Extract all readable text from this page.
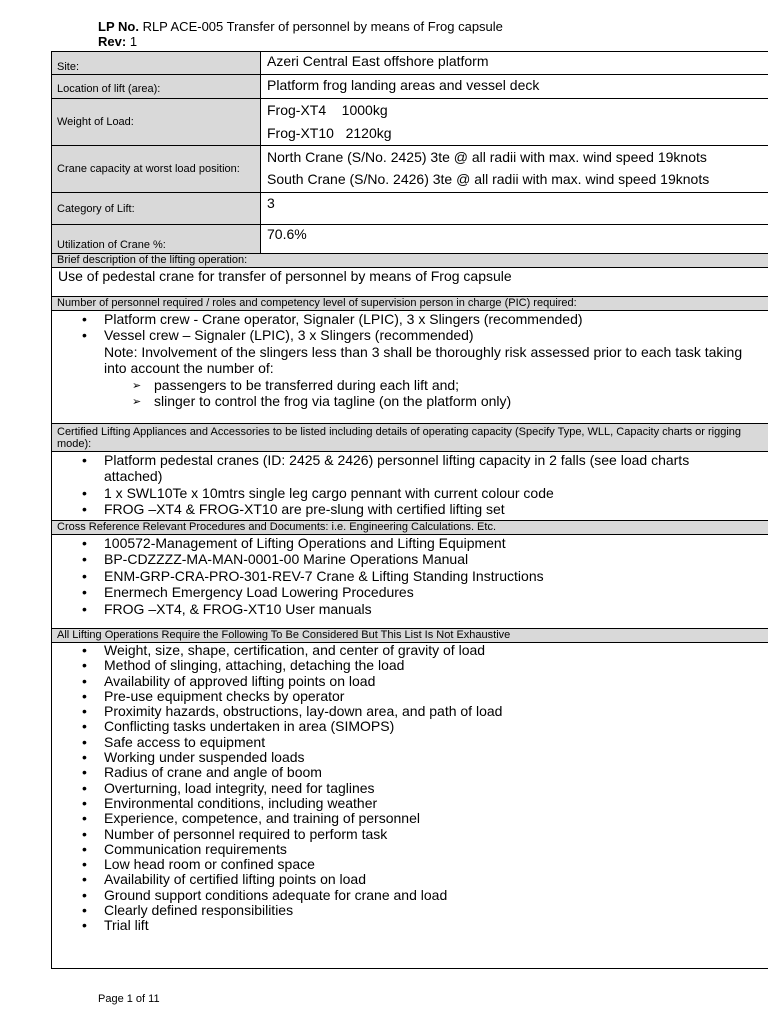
LP No. RLP ACE-005 Transfer of personnel by means of Frog capsule
Rev: 1
Site:	Azeri Central East offshore platform
Location of lift (area):	Platform frog landing areas and vessel deck
Weight of Load:
Frog-XT4    1000kg
Frog-XT10   2120kg
Crane capacity at worst load position:
North Crane (S/No. 2425) 3te @ all radii with max. wind speed 19knots
South Crane (S/No. 2426) 3te @ all radii with max. wind speed 19knots
Category of Lift:	3
Utilization of Crane %:
70.6%
Brief description of the lifting operation:
Use of pedestal crane for transfer of personnel by means of Frog capsule
Number of personnel required / roles and competency level of supervision person in charge (PIC) required:
• Platform crew - Crane operator, Signaler (LPIC), 3 x Slingers (recommended)
• Vessel crew – Signaler (LPIC), 3 x Slingers (recommended)
Note: Involvement of the slingers less than 3 shall be thoroughly risk assessed prior to each task taking into account the number of:
➢ passengers to be transferred during each lift and;
➢ slinger to control the frog via tagline (on the platform only)
Certified Lifting Appliances and Accessories to be listed including details of operating capacity (Specify Type, WLL, Capacity charts or rigging mode):
• Platform pedestal cranes (ID: 2425 & 2426) personnel lifting capacity in 2 falls (see load charts attached)
• 1 x SWL10Te x 10mtrs single leg cargo pennant with current colour code
• FROG –XT4 & FROG-XT10 are pre-slung with certified lifting set
Cross Reference Relevant Procedures and Documents: i.e. Engineering Calculations. Etc.
• 100572-Management of Lifting Operations and Lifting Equipment
• BP-CDZZZZ-MA-MAN-0001-00 Marine Operations Manual
• ENM-GRP-CRA-PRO-301-REV-7 Crane & Lifting Standing Instructions
• Enermech Emergency Load Lowering Procedures
• FROG –XT4, & FROG-XT10 User manuals
All Lifting Operations Require the Following To Be Considered But This List Is Not Exhaustive
• Weight, size, shape, certification, and center of gravity of load
• Method of slinging, attaching, detaching the load
• Availability of approved lifting points on load
• Pre-use equipment checks by operator
• Proximity hazards, obstructions, lay-down area, and path of load
• Conflicting tasks undertaken in area (SIMOPS)
• Safe access to equipment
• Working under suspended loads
• Radius of crane and angle of boom
• Overturning, load integrity, need for taglines
• Environmental conditions, including weather
• Experience, competence, and training of personnel
• Number of personnel required to perform task
• Communication requirements
• Low head room or confined space
• Availability of certified lifting points on load
• Ground support conditions adequate for crane and load
• Clearly defined responsibilities
• Trial lift
Page 1 of 11
